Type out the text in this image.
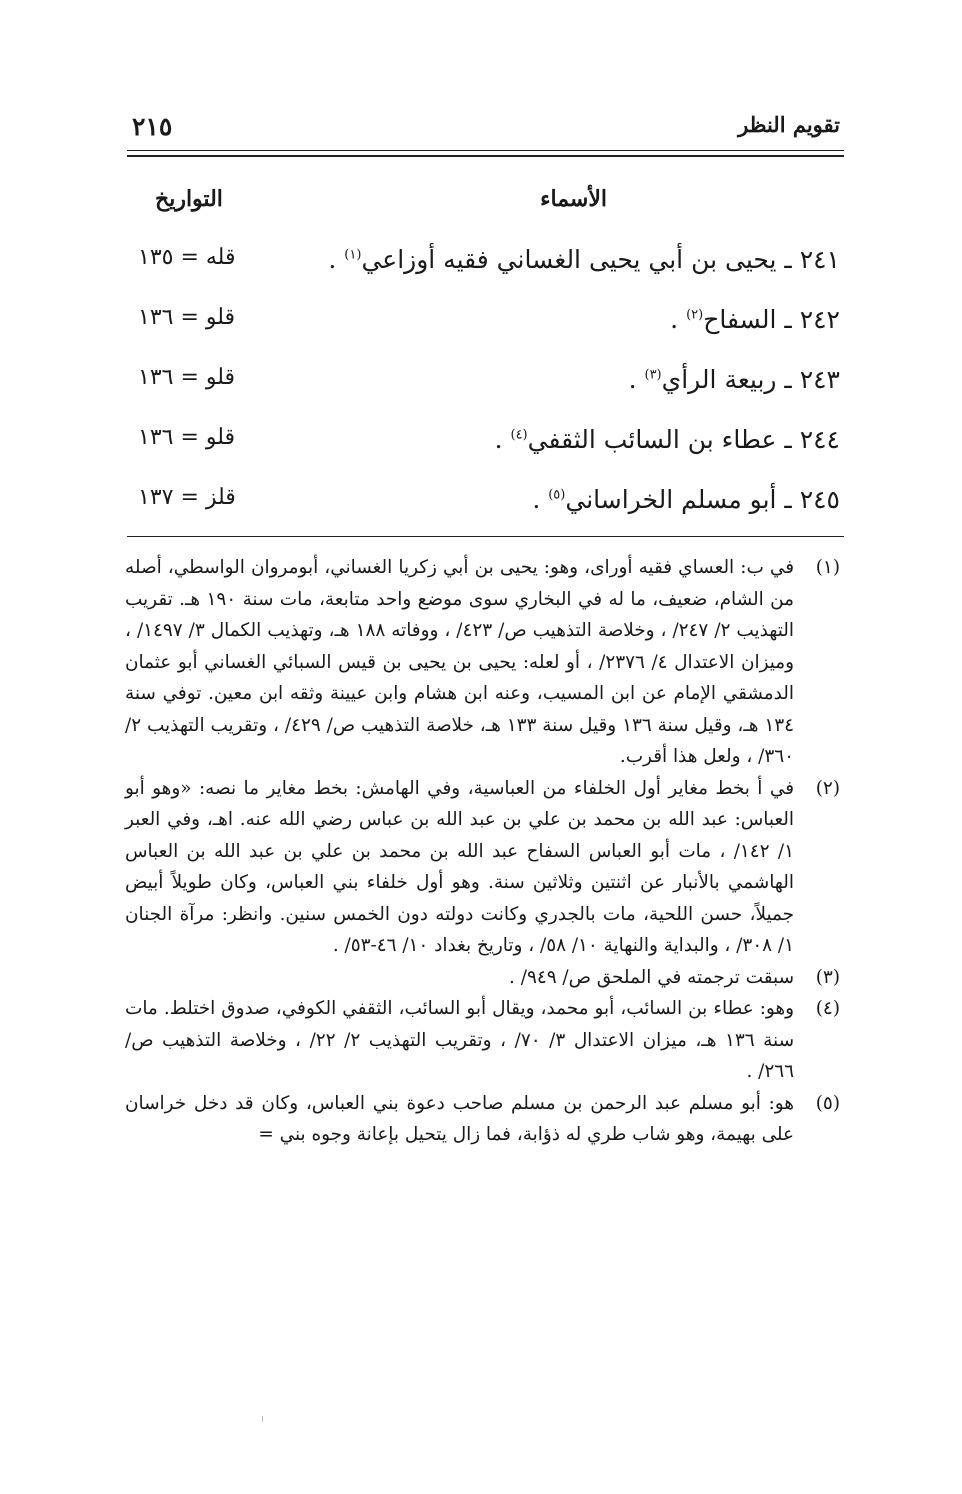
تقويم النظر
٢١٥
الأسماء
التواريخ
٢٤١ ـ يحيى بن أبي يحيى الغساني فقيه أوزاعي$^{(١)}$ .
قله = ١٣٥
٢٤٢ ـ السفاح$^{(٢)}$ .
قلو = ١٣٦
٢٤٣ ـ ربيعة الرأي$^{(٣)}$ .
قلو = ١٣٦
٢٤٤ ـ عطاء بن السائب الثقفي$^{(٤)}$ .
قلو = ١٣٦
٢٤٥ ـ أبو مسلم الخراساني$^{(٥)}$ .
قلز = ١٣٧
(١)
في ب: العساي فقيه أوراى، وهو: يحيى بن أبي زكريا الغساني، أبومروان الواسطي، أصله من الشام، ضعيف، ما له في البخاري سوى موضع واحد متابعة، مات سنة ١٩٠ هـ. تقريب التهذيب ٢/ ٢٤٧/ ، وخلاصة التذهيب ص/ ٤٢٣/ ، ووفاته ١٨٨ هـ، وتهذيب الكمال ٣/ ١٤٩٧/ ، وميزان الاعتدال ٤/ ٢٣٧٦/ ، أو لعله: يحيى بن يحيى بن قيس السبائي الغساني أبو عثمان الدمشقي الإمام عن ابن المسيب، وعنه ابن هشام وابن عيينة وثقه ابن معين. توفي سنة ١٣٤ هـ، وقيل سنة ١٣٦ وقيل سنة ١٣٣ هـ، خلاصة التذهيب ص/ ٤٢٩/ ، وتقريب التهذيب ٢/ ٣٦٠/ ، ولعل هذا أقرب.
(٢)
في أ بخط مغاير أول الخلفاء من العباسية، وفي الهامش: بخط مغاير ما نصه: «وهو أبو العباس: عبد الله بن محمد بن علي بن عبد الله بن عباس رضي الله عنه. اهـ، وفي العبر ١/ ١٤٢/ ، مات أبو العباس السفاح عبد الله بن محمد بن علي بن عبد الله بن العباس الهاشمي بالأنبار عن اثنتين وثلاثين سنة. وهو أول خلفاء بني العباس، وكان طويلاً أبيض جميلاً، حسن اللحية، مات بالجدري وكانت دولته دون الخمس سنين. وانظر: مرآة الجنان ١/ ٣٠٨/ ، والبداية والنهاية ١٠/ ٥٨/ ، وتاريخ بغداد ١٠/ ٤٦-٥٣/ .
(٣)
سبقت ترجمته في الملحق ص/ ٩٤٩/ .
(٤)
وهو: عطاء بن السائب، أبو محمد، ويقال أبو السائب، الثقفي الكوفي، صدوق اختلط. مات سنة ١٣٦ هـ، ميزان الاعتدال ٣/ ٧٠/ ، وتقريب التهذيب ٢/ ٢٢/ ، وخلاصة التذهيب ص/ ٢٦٦/ .
(٥)
هو: أبو مسلم عبد الرحمن بن مسلم صاحب دعوة بني العباس، وكان قد دخل خراسان على بهيمة، وهو شاب طري له ذؤابة، فما زال يتحيل بإعانة وجوه بني =
